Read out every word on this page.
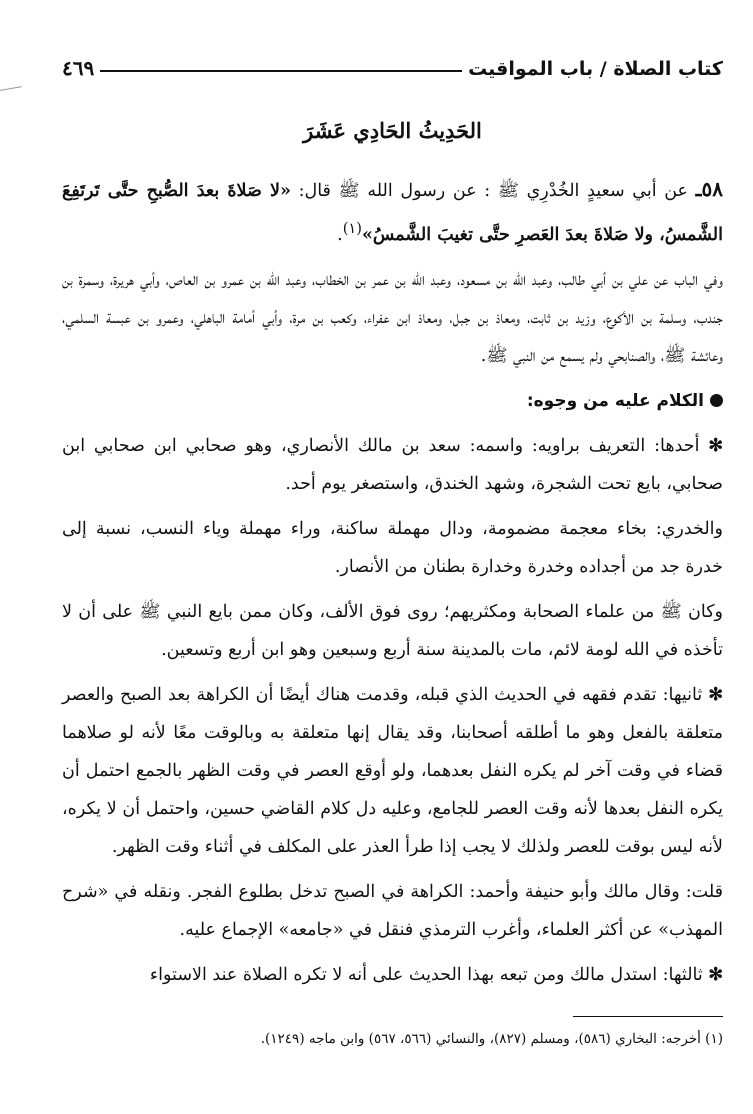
كتاب الصلاة / باب المواقيت
٤٦٩
الحَدِيثُ الحَادِي عَشَرَ

٥٨ـ عن أبي سعيدٍ الخُدْرِي ﷺ : عن رسول الله ﷺ قال: «لا صَلاةَ بعدَ الصُّبحِ حتَّى تَرتَفِعَ الشَّمسُ، ولا صَلاةَ بعدَ العَصرِ حتَّى تغيبَ الشَّمسُ»$^{(١)}$.

وفي الباب عن علي بن أبي طالب، وعبد الله بن مسعود، وعبد الله بن عمر بن الخطاب، وعبد الله بن عمرو بن العاص، وأبي هريرة، وسمرة بن جندب، وسلمة بن الأكوع، وزيد بن ثابت، ومعاذ بن جبل، ومعاذ ابن عفراء، وكعب بن مرة، وأبي أمامة الباهلي، وعمرو بن عبسة السلمي، وعائشة ﷺ، والصنابحي ولم يسمع من النبي ﷺ.

الكلام عليه من وجوه:

✻ أحدها: التعريف براويه: واسمه: سعد بن مالك الأنصاري، وهو صحابي ابن صحابي ابن صحابي، بايع تحت الشجرة، وشهد الخندق، واستصغر يوم أحد.

والخدري: بخاء معجمة مضمومة، ودال مهملة ساكنة، وراء مهملة وياء النسب، نسبة إلى خدرة جد من أجداده وخدرة وخدارة بطنان من الأنصار.

وكان ﷺ من علماء الصحابة ومكثريهم؛ روى فوق الألف، وكان ممن بايع النبي ﷺ على أن لا تأخذه في الله لومة لائم، مات بالمدينة سنة أربع وسبعين وهو ابن أربع وتسعين.

✻ ثانيها: تقدم فقهه في الحديث الذي قبله، وقدمت هناك أيضًا أن الكراهة بعد الصبح والعصر متعلقة بالفعل وهو ما أطلقه أصحابنا، وقد يقال إنها متعلقة به وبالوقت معًا لأنه لو صلاهما قضاء في وقت آخر لم يكره النفل بعدهما، ولو أوقع العصر في وقت الظهر بالجمع احتمل أن يكره النفل بعدها لأنه وقت العصر للجامع، وعليه دل كلام القاضي حسين، واحتمل أن لا يكره، لأنه ليس بوقت للعصر ولذلك لا يجب إذا طرأ العذر على المكلف في أثناء وقت الظهر.

قلت: وقال مالك وأبو حنيفة وأحمد: الكراهة في الصبح تدخل بطلوع الفجر. ونقله في «شرح المهذب» عن أكثر العلماء، وأغرب الترمذي فنقل في «جامعه» الإجماع عليه.

✻ ثالثها: استدل مالك ومن تبعه بهذا الحديث على أنه لا تكره الصلاة عند الاستواء

(١) أخرجه: البخاري (٥٨٦)، ومسلم (٨٢٧)، والنسائي (٥٦٦، ٥٦٧) وابن ماجه (١٢٤٩).
